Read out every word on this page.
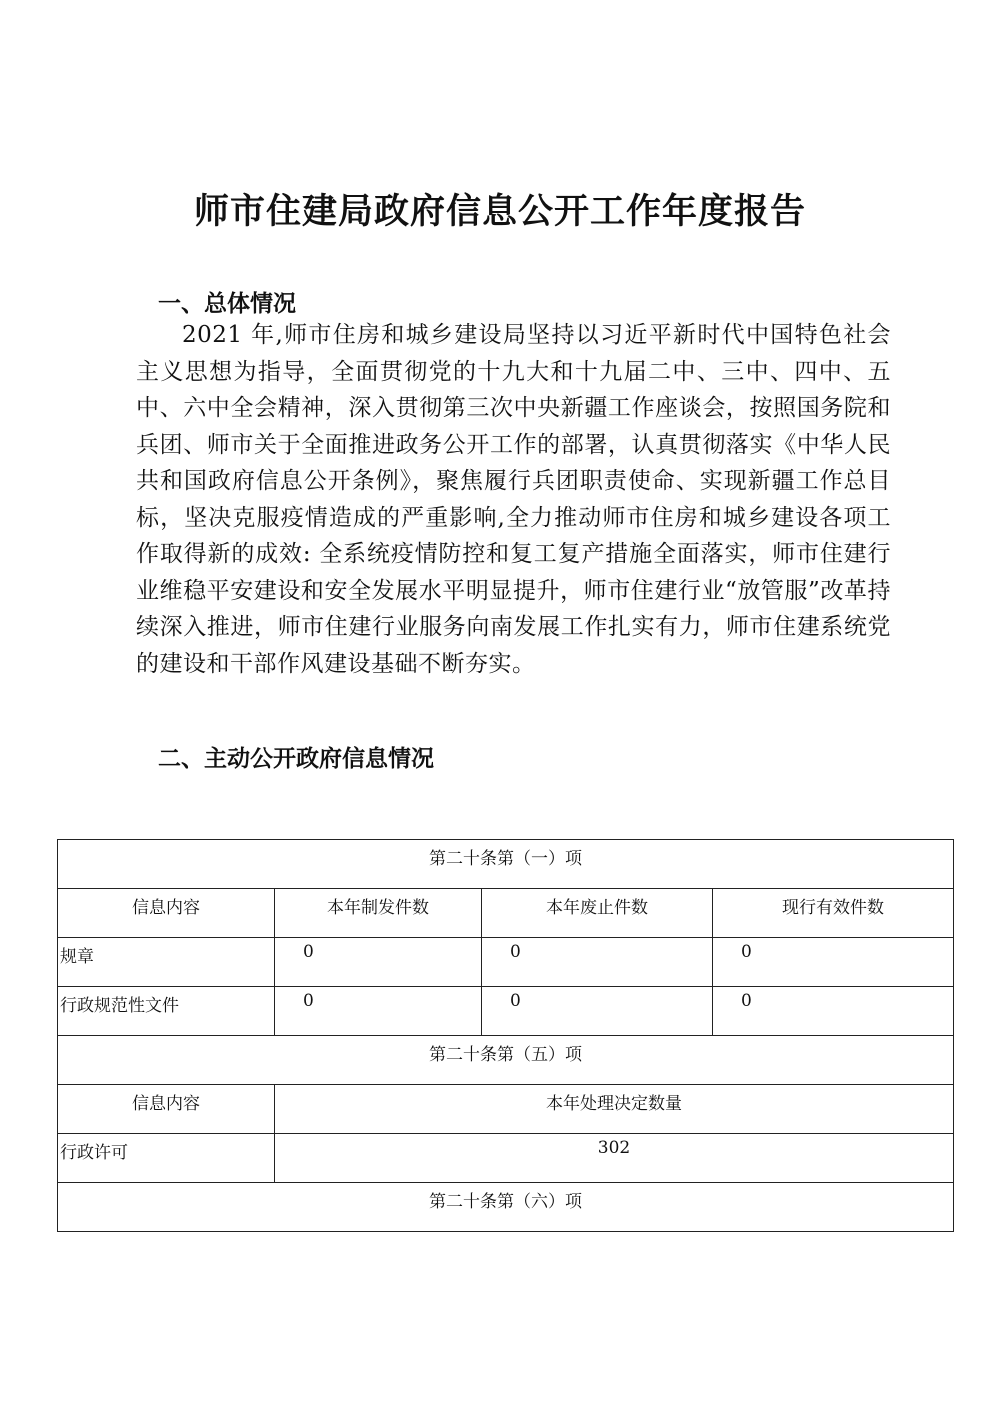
师市住建局政府信息公开工作年度报告
一、总体情况

2021 年,师市住房和城乡建设局坚持以习近平新时代中国特色社会主义思想为指导，全面贯彻党的十九大和十九届二中、三中、四中、五中、六中全会精神，深入贯彻第三次中央新疆工作座谈会，按照国务院和兵团、师市关于全面推进政务公开工作的部署，认真贯彻落实《中华人民共和国政府信息公开条例》，聚焦履行兵团职责使命、实现新疆工作总目标，坚决克服疫情造成的严重影响,全力推动师市住房和城乡建设各项工作取得新的成效: 全系统疫情防控和复工复产措施全面落实，师市住建行业维稳平安建设和安全发展水平明显提升，师市住建行业“放管服”改革持续深入推进，师市住建行业服务向南发展工作扎实有力，师市住建系统党的建设和干部作风建设基础不断夯实。

二、主动公开政府信息情况
第二十条第（一）项			
信息内容	本年制发件数	本年废止件数	现行有效件数
规章	0	0	0
行政规范性文件	0	0	0
第二十条第（五）项			
信息内容	本年处理决定数量		
行政许可	302		
第二十条第（六）项			
